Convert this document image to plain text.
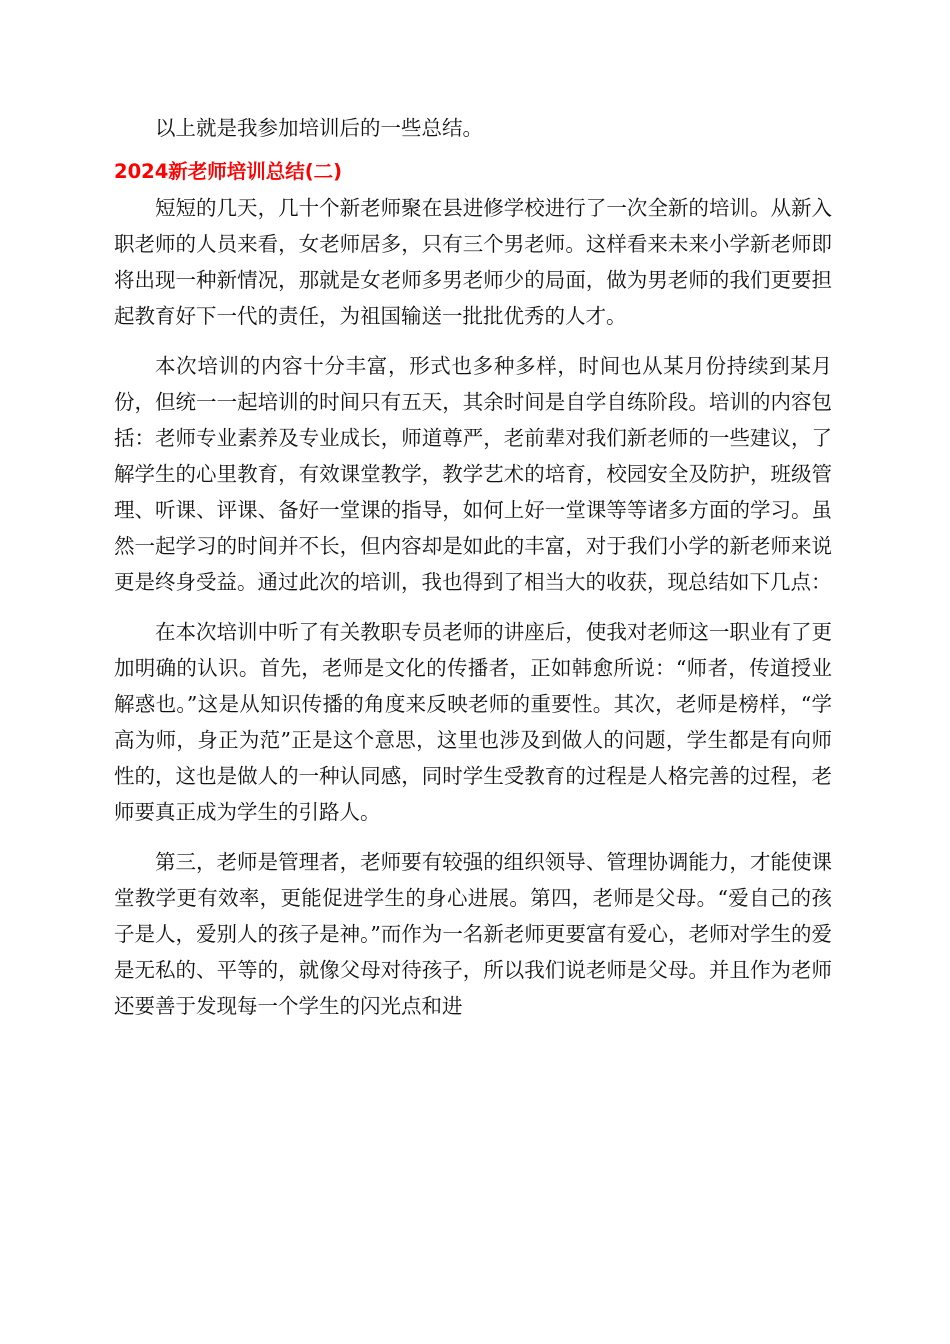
以上就是我参加培训后的一些总结。

2024新老师培训总结(二)

短短的几天，几十个新老师聚在县进修学校进行了一次全新的培训。从新入职老师的人员来看，女老师居多，只有三个男老师。这样看来未来小学新老师即将出现一种新情况，那就是女老师多男老师少的局面，做为男老师的我们更要担起教育好下一代的责任，为祖国输送一批批优秀的人才。

本次培训的内容十分丰富，形式也多种多样，时间也从某月份持续到某月份，但统一一起培训的时间只有五天，其余时间是自学自练阶段。培训的内容包括：老师专业素养及专业成长，师道尊严，老前辈对我们新老师的一些建议，了解学生的心里教育，有效课堂教学，教学艺术的培育，校园安全及防护，班级管理、听课、评课、备好一堂课的指导，如何上好一堂课等等诸多方面的学习。虽然一起学习的时间并不长，但内容却是如此的丰富，对于我们小学的新老师来说更是终身受益。通过此次的培训，我也得到了相当大的收获，现总结如下几点：

在本次培训中听了有关教职专员老师的讲座后，使我对老师这一职业有了更加明确的认识。首先，老师是文化的传播者，正如韩愈所说：“师者，传道授业解惑也。”这是从知识传播的角度来反映老师的重要性。其次，老师是榜样，“学高为师，身正为范”正是这个意思，这里也涉及到做人的问题，学生都是有向师性的，这也是做人的一种认同感，同时学生受教育的过程是人格完善的过程，老师要真正成为学生的引路人。

第三，老师是管理者，老师要有较强的组织领导、管理协调能力，才能使课堂教学更有效率，更能促进学生的身心进展。第四，老师是父母。“爱自己的孩子是人，爱别人的孩子是神。”而作为一名新老师更要富有爱心，老师对学生的爱是无私的、平等的，就像父母对待孩子，所以我们说老师是父母。并且作为老师还要善于发现每一个学生的闪光点和进
